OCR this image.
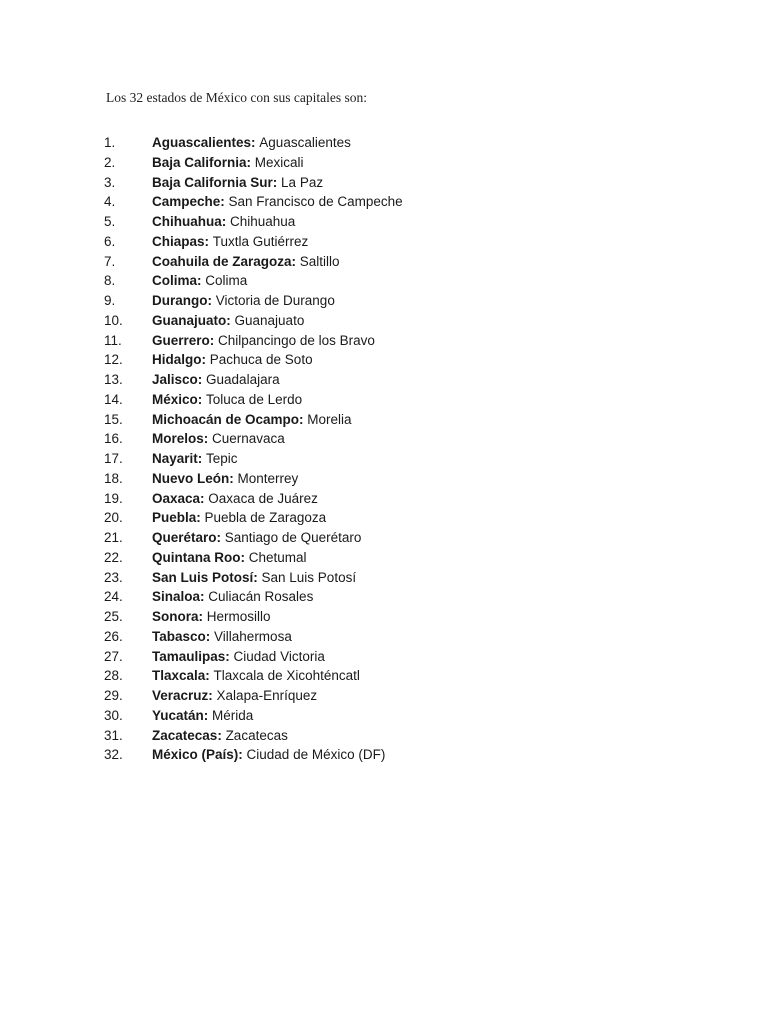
Los 32 estados de México con sus capitales son:
1.	Aguascalientes: Aguascalientes
2.	Baja California: Mexicali
3.	Baja California Sur: La Paz
4.	Campeche: San Francisco de Campeche
5.	Chihuahua: Chihuahua
6.	Chiapas: Tuxtla Gutiérrez
7.	Coahuila de Zaragoza: Saltillo
8.	Colima: Colima
9.	Durango: Victoria de Durango
10. Guanajuato: Guanajuato
11. Guerrero: Chilpancingo de los Bravo
12. Hidalgo: Pachuca de Soto
13. Jalisco: Guadalajara
14. México: Toluca de Lerdo
15. Michoacán de Ocampo: Morelia
16. Morelos: Cuernavaca
17. Nayarit: Tepic
18. Nuevo León: Monterrey
19. Oaxaca: Oaxaca de Juárez
20. Puebla: Puebla de Zaragoza
21. Querétaro: Santiago de Querétaro
22. Quintana Roo: Chetumal
23. San Luis Potosí: San Luis Potosí
24. Sinaloa: Culiacán Rosales
25. Sonora: Hermosillo
26. Tabasco: Villahermosa
27. Tamaulipas: Ciudad Victoria
28. Tlaxcala: Tlaxcala de Xicohténcatl
29. Veracruz: Xalapa-Enríquez
30. Yucatán: Mérida
31. Zacatecas: Zacatecas
32. México (País): Ciudad de México (DF)
